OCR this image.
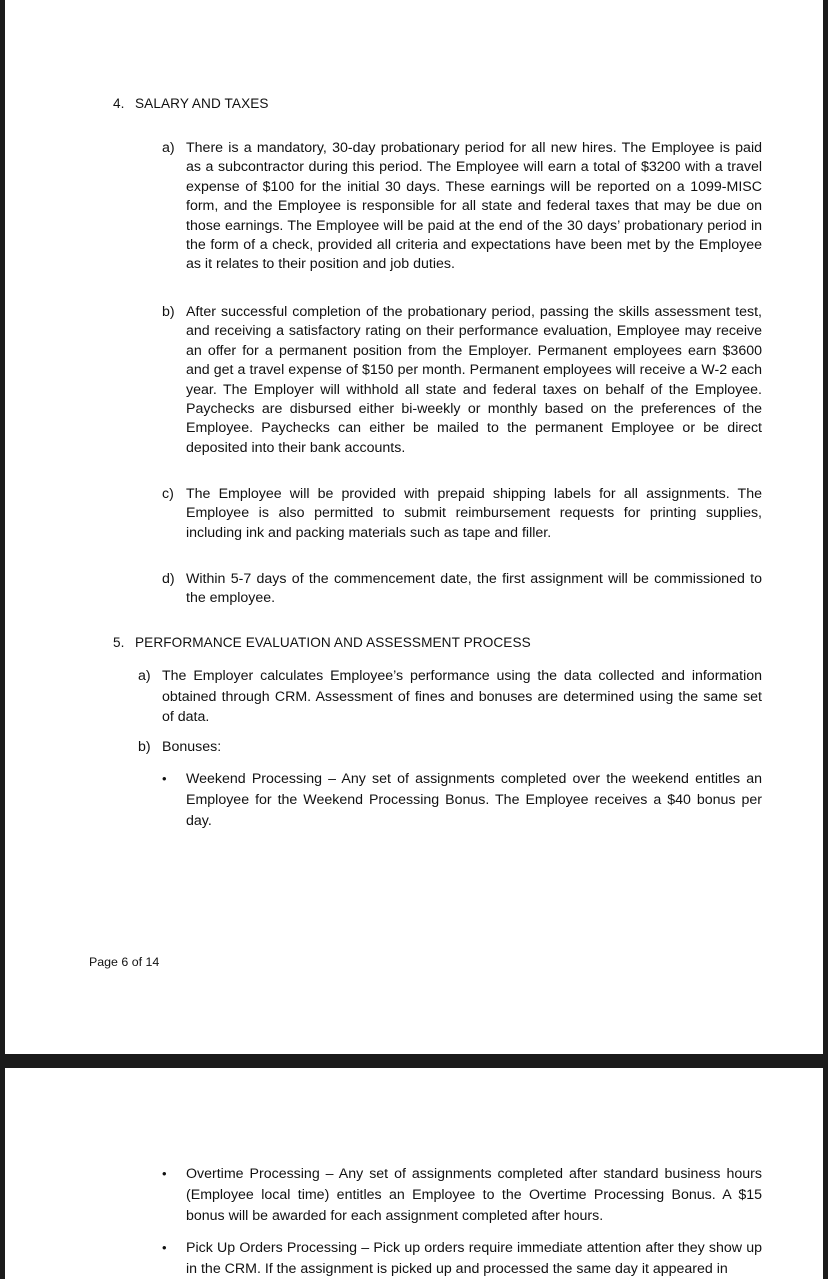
4. SALARY AND TAXES

a) There is a mandatory, 30-day probationary period for all new hires. The Employee is paid as a subcontractor during this period. The Employee will earn a total of $3200 with a travel expense of $100 for the initial 30 days. These earnings will be reported on a 1099-MISC form, and the Employee is responsible for all state and federal taxes that may be due on those earnings. The Employee will be paid at the end of the 30 days’ probationary period in the form of a check, provided all criteria and expectations have been met by the Employee as it relates to their position and job duties.

b) After successful completion of the probationary period, passing the skills assessment test, and receiving a satisfactory rating on their performance evaluation, Employee may receive an offer for a permanent position from the Employer. Permanent employees earn $3600 and get a travel expense of $150 per month. Permanent employees will receive a W-2 each year. The Employer will withhold all state and federal taxes on behalf of the Employee. Paychecks are disbursed either bi-weekly or monthly based on the preferences of the Employee. Paychecks can either be mailed to the permanent Employee or be direct deposited into their bank accounts.

c) The Employee will be provided with prepaid shipping labels for all assignments. The Employee is also permitted to submit reimbursement requests for printing supplies, including ink and packing materials such as tape and filler.

d) Within 5-7 days of the commencement date, the first assignment will be commissioned to the employee.

5. PERFORMANCE EVALUATION AND ASSESSMENT PROCESS

a) The Employer calculates Employee’s performance using the data collected and information obtained through CRM. Assessment of fines and bonuses are determined using the same set of data.

b) Bonuses:

• Weekend Processing – Any set of assignments completed over the weekend entitles an Employee for the Weekend Processing Bonus. The Employee receives a $40 bonus per day.

Page 6 of 14

• Overtime Processing – Any set of assignments completed after standard business hours (Employee local time) entitles an Employee to the Overtime Processing Bonus. A $15 bonus will be awarded for each assignment completed after hours.

• Pick Up Orders Processing – Pick up orders require immediate attention after they show up in the CRM. If the assignment is picked up and processed the same day it appeared in
